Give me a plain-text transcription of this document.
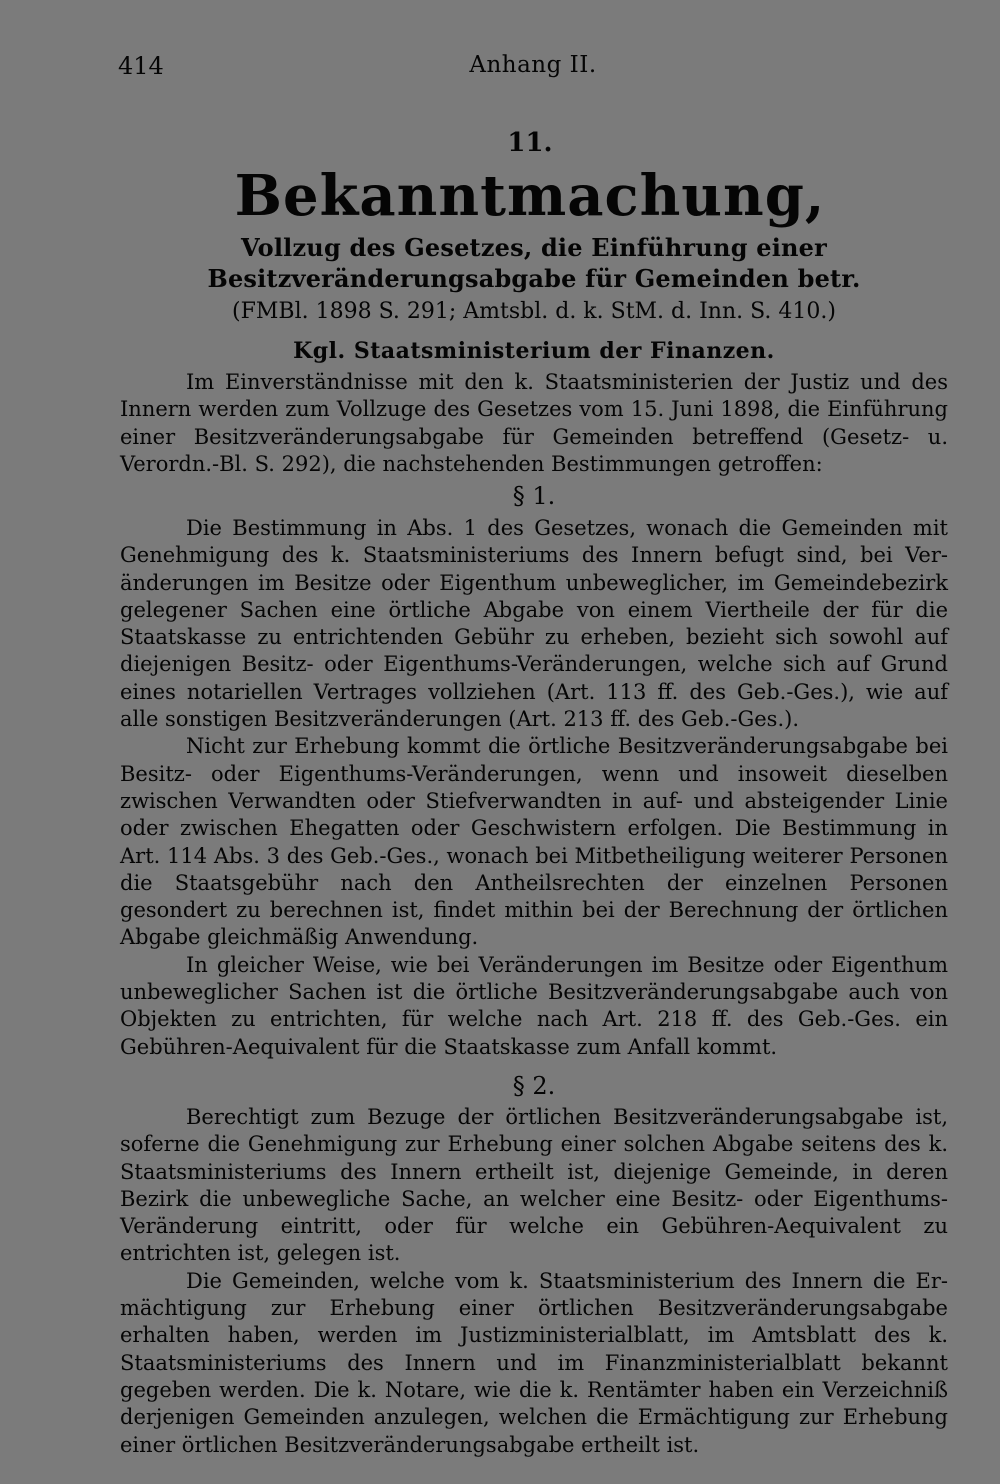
414	Anhang II.
11.
Bekanntmachung,
Vollzug des Gesetzes, die Einführung einer Besitzveränderungsabgabe für Gemeinden betr.
(FMBl. 1898 S. 291; Amtsbl. d. k. StM. d. Inn. S. 410.)
Kgl. Staatsministerium der Finanzen.

Im Einverständnisse mit den k. Staatsministerien der Justiz und des Innern werden zum Vollzuge des Gesetzes vom 15. Juni 1898, die Einführung einer Besitzveränderungsabgabe für Gemeinden betreffend (Gesetz- u. Verordn.-Bl. S. 292), die nachstehenden Bestimmungen getroffen:

§ 1.

Die Bestimmung in Abs. 1 des Gesetzes, wonach die Gemeinden mit Genehmigung des k. Staatsministeriums des Innern befugt sind, bei Veränderungen im Besitze oder Eigenthum unbeweglicher, im Gemeindebezirk gelegener Sachen eine örtliche Abgabe von einem Viertheile der für die Staatskasse zu entrichtenden Gebühr zu erheben, bezieht sich sowohl auf diejenigen Besitz- oder Eigenthums-Veränderungen, welche sich auf Grund eines notariellen Vertrages vollziehen (Art. 113 ff. des Geb.-Ges.), wie auf alle sonstigen Besitzveränderungen (Art. 213 ff. des Geb.-Ges.).

Nicht zur Erhebung kommt die örtliche Besitzveränderungsabgabe bei Besitz- oder Eigenthums-Veränderungen, wenn und insoweit dieselben zwischen Verwandten oder Stiefverwandten in auf- und absteigender Linie oder zwischen Ehegatten oder Geschwistern erfolgen. Die Bestimmung in Art. 114 Abs. 3 des Geb.-Ges., wonach bei Mitbetheiligung weiterer Personen die Staatsgebühr nach den Antheilsrechten der einzelnen Personen gesondert zu berechnen ist, findet mithin bei der Berechnung der örtlichen Abgabe gleichmäßig Anwendung.

In gleicher Weise, wie bei Veränderungen im Besitze oder Eigenthum unbeweglicher Sachen ist die örtliche Besitzveränderungsabgabe auch von Objekten zu entrichten, für welche nach Art. 218 ff. des Geb.-Ges. ein Gebühren-Aequivalent für die Staatskasse zum Anfall kommt.

§ 2.

Berechtigt zum Bezuge der örtlichen Besitzveränderungsabgabe ist, soferne die Genehmigung zur Erhebung einer solchen Abgabe seitens des k. Staatsministeriums des Innern ertheilt ist, diejenige Gemeinde, in deren Bezirk die unbewegliche Sache, an welcher eine Besitz- oder Eigenthums-Veränderung eintritt, oder für welche ein Gebühren-Aequivalent zu entrichten ist, gelegen ist.

Die Gemeinden, welche vom k. Staatsministerium des Innern die Ermächtigung zur Erhebung einer örtlichen Besitzveränderungsabgabe erhalten haben, werden im Justizministerialblatt, im Amtsblatt des k. Staatsministeriums des Innern und im Finanzministerialblatt bekannt gegeben werden. Die k. Notare, wie die k. Rentämter haben ein Verzeichniß derjenigen Gemeinden anzulegen, welchen die Ermächtigung zur Erhebung einer örtlichen Besitzveränderungsabgabe ertheilt ist.
